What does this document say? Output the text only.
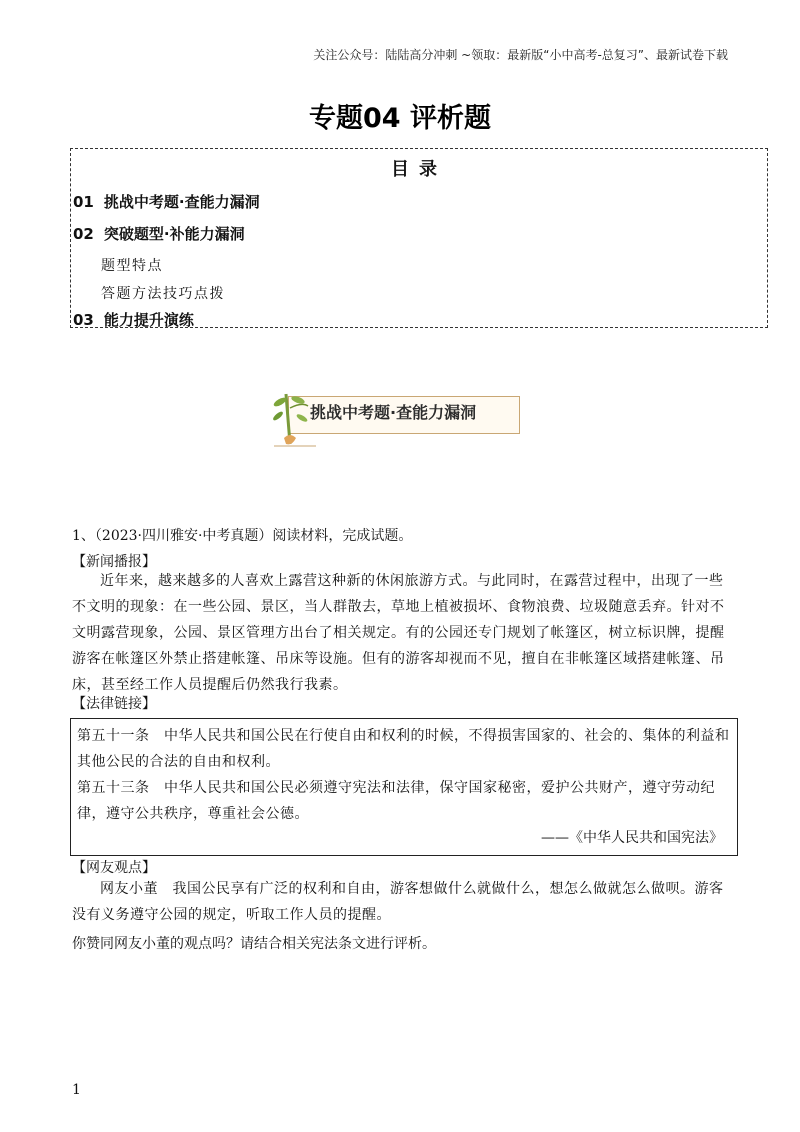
关注公众号：陆陆高分冲刺 ~领取：最新版“小中高考-总复习”、最新试卷下载
专题04 评析题
目录
01 挑战中考题·查能力漏洞
02 突破题型·补能力漏洞
题型特点
答题方法技巧点拨
03 能力提升演练
挑战中考题·查能力漏洞
1、（2023·四川雅安·中考真题）阅读材料，完成试题。
【新闻播报】
近年来，越来越多的人喜欢上露营这种新的休闲旅游方式。与此同时，在露营过程中，出现了一些不文明的现象：在一些公园、景区，当人群散去，草地上植被损坏、食物浪费、垃圾随意丢弃。针对不文明露营现象，公园、景区管理方出台了相关规定。有的公园还专门规划了帐篷区，树立标识牌，提醒游客在帐篷区外禁止搭建帐篷、吊床等设施。但有的游客却视而不见，擅自在非帐篷区域搭建帐篷、吊床，甚至经工作人员提醒后仍然我行我素。
【法律链接】

第五十一条　中华人民共和国公民在行使自由和权利的时候，不得损害国家的、社会的、集体的利益和其他公民的合法的自由和权利。

第五十三条　中华人民共和国公民必须遵守宪法和法律，保守国家秘密，爱护公共财产，遵守劳动纪律，遵守公共秩序，尊重社会公德。

——《中华人民共和国宪法》
【网友观点】
网友小董　我国公民享有广泛的权利和自由，游客想做什么就做什么，想怎么做就怎么做呗。游客没有义务遵守公园的规定，听取工作人员的提醒。
你赞同网友小董的观点吗？请结合相关宪法条文进行评析。
1
